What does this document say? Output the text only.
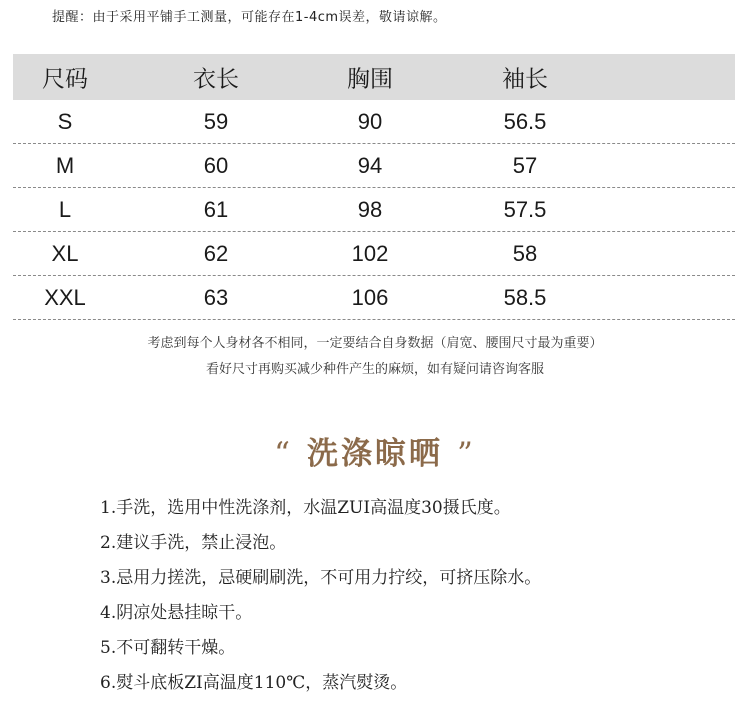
提醒：由于采用平铺手工测量，可能存在1-4cm误差，敬请谅解。
尺码	衣长	胸围	袖长
S	59	90	56.5
M	60	94	57
L	61	98	57.5
XL	62	102	58
XXL	63	106	58.5
考虑到每个人身材各不相同，一定要结合自身数据（肩宽、腰围尺寸最为重要）
看好尺寸再购买减少种件产生的麻烦，如有疑问请咨询客服
“ 洗涤晾晒 ”
1.手洗，选用中性洗涤剂，水温ZUI高温度30摄氏度。
2.建议手洗，禁止浸泡。
3.忌用力搓洗，忌硬刷刷洗，不可用力拧绞，可挤压除水。
4.阴凉处悬挂晾干。
5.不可翻转干燥。
6.熨斗底板ZI高温度110℃，蒸汽熨烫。
